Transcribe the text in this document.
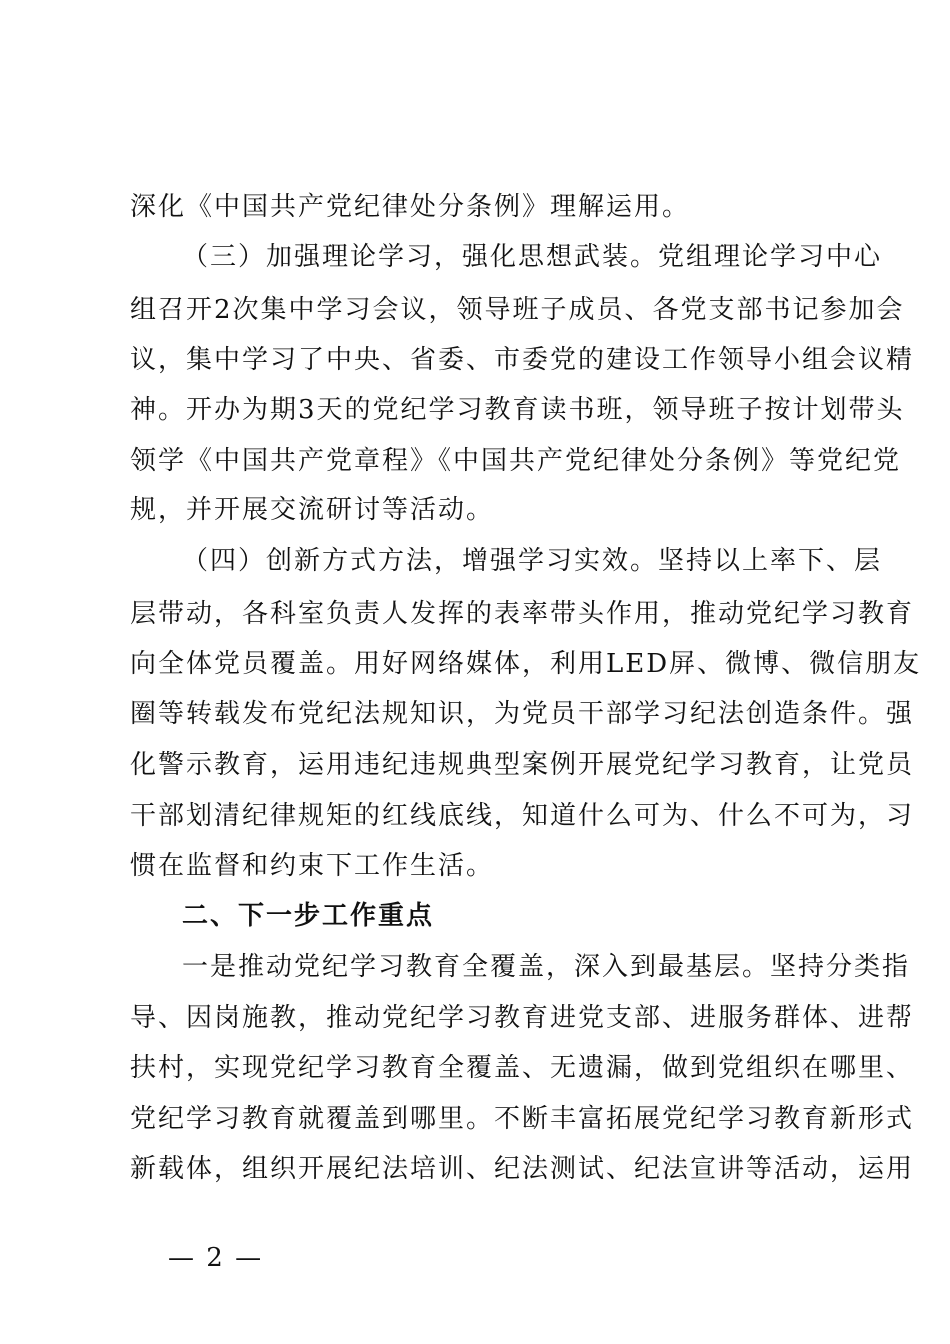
深化《中国共产党纪律处分条例》理解运用。
（三）加强理论学习，强化思想武装。党组理论学习中心
组召开2次集中学习会议，领导班子成员、各党支部书记参加会
议，集中学习了中央、省委、市委党的建设工作领导小组会议精
神。开办为期3天的党纪学习教育读书班，领导班子按计划带头
领学《中国共产党章程》《中国共产党纪律处分条例》等党纪党
规，并开展交流研讨等活动。
（四）创新方式方法，增强学习实效。坚持以上率下、层
层带动，各科室负责人发挥的表率带头作用，推动党纪学习教育
向全体党员覆盖。用好网络媒体，利用LED屏、微博、微信朋友
圈等转载发布党纪法规知识，为党员干部学习纪法创造条件。强
化警示教育，运用违纪违规典型案例开展党纪学习教育，让党员
干部划清纪律规矩的红线底线，知道什么可为、什么不可为，习
惯在监督和约束下工作生活。
二、下一步工作重点
一是推动党纪学习教育全覆盖，深入到最基层。坚持分类指
导、因岗施教，推动党纪学习教育进党支部、进服务群体、进帮
扶村，实现党纪学习教育全覆盖、无遗漏，做到党组织在哪里、
党纪学习教育就覆盖到哪里。不断丰富拓展党纪学习教育新形式
新载体，组织开展纪法培训、纪法测试、纪法宣讲等活动，运用
— 2 —
